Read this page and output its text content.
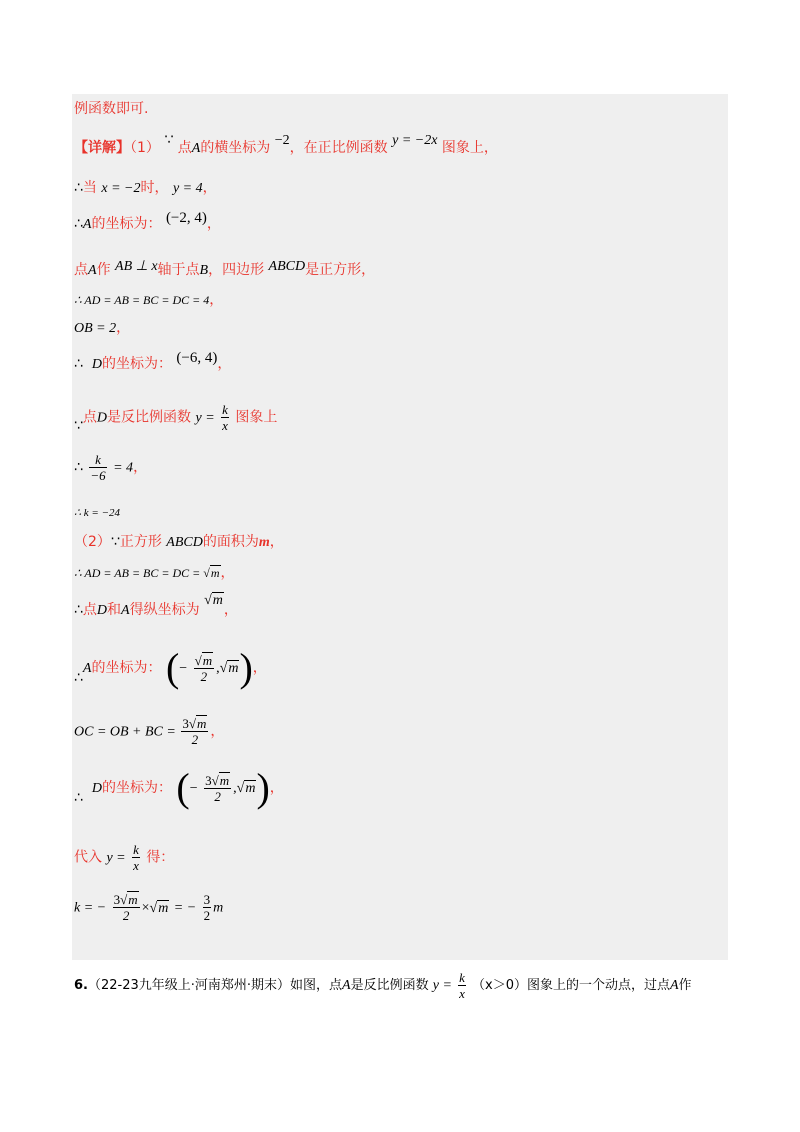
例函数即可.
【详解】（1） ∵ 点A的横坐标为 −2，在正比例函数 y = −2x 图象上，
∴当 x = −2时， y = 4，
∴A的坐标为： (−2, 4)，
点A作 AB ⊥ x轴于点B，四边形 ABCD是正方形，
∴ AD = AB = BC = DC = 4，
OB = 2，
∴ D的坐标为： (−6, 4)，
∵点D是反比例函数 $y = \frac{k}{x}$ 图象上
∴ $\frac{k}{-6} = 4$，
∴ k = −24
（2）∵正方形 ABCD的面积为m，
∴ AD = AB = BC = DC = √m，
∴点D和A得纵坐标为 √m，
∴A的坐标为： (− $\frac{√m}{2} ,√m$)，
OC = OB + BC = $\frac{3√m}{2}$ ，
∴  D的坐标为： (− $\frac{3√m}{2} ,√m$)，
代入 $y = \frac{k}{x}$ 得：
k = − $\frac{3√m}{2} \times√m$ = − $\frac{3}{2}$ m
6.（22-23九年级上·河南郑州·期末）如图，点A是反比例函数 $y = \frac{k}{x} (x>0)$图象上的一个动点，过点A作
